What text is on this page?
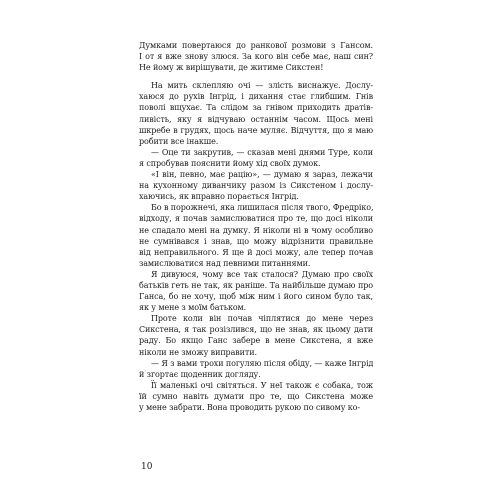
Думками повертаюся до ранкової розмови з Гансом.
І от я вже знову злюся. За кого він себе має, наш син?
Не йому ж вирішувати, де житиме Сикстен!
На мить склепляю очі — злість виснажує. Дослу-
хаюся до рухів Інгрід, і дихання стає глибшим. Гнів
поволі вщухає. Та слідом за гнівом приходить дратів-
ливість, яку я відчуваю останнім часом. Щось мені
шкребе в грудях, щось наче муляє. Відчуття, що я маю
робити все інакше.
— Оце ти закрутив, — сказав мені днями Туре, коли
я спробував пояснити йому хід своїх думок.
«І він, певно, має рацію», — думаю я зараз, лежачи
на кухонному диванчику разом із Сикстеном і дослу-
хаючись, як вправно порається Інгрід.
Бо в порожнечі, яка лишилася після твого, Фредріко,
відходу, я почав замислюватися про те, що досі ніколи
не спадало мені на думку. Я ніколи ні в чому особливо
не сумнівався і знав, що можу відрізнити правильне
від неправильного. Я ще й досі можу, але тепер почав
замислюватися над певними питаннями.
Я дивуюся, чому все так сталося? Думаю про своїх
батьків геть не так, як раніше. Та найбільше думаю про
Ганса, бо не хочу, щоб між ним і його сином було так,
як у мене з моїм батьком.
Проте коли він почав чіплятися до мене через
Сикстена, я так розізлився, що не знав, як цьому дати
раду. Бо якщо Ганс забере в мене Сикстена, я вже
ніколи не зможу виправити.
— Я з вами трохи погуляю після обіду, — каже Інгрід
й згортає щоденник догляду.
Її маленькі очі світяться. У неї також є собака, тож
їй сумно навіть думати про те, що Сикстена може
у мене забрати. Вона проводить рукою по сивому ко-
10
